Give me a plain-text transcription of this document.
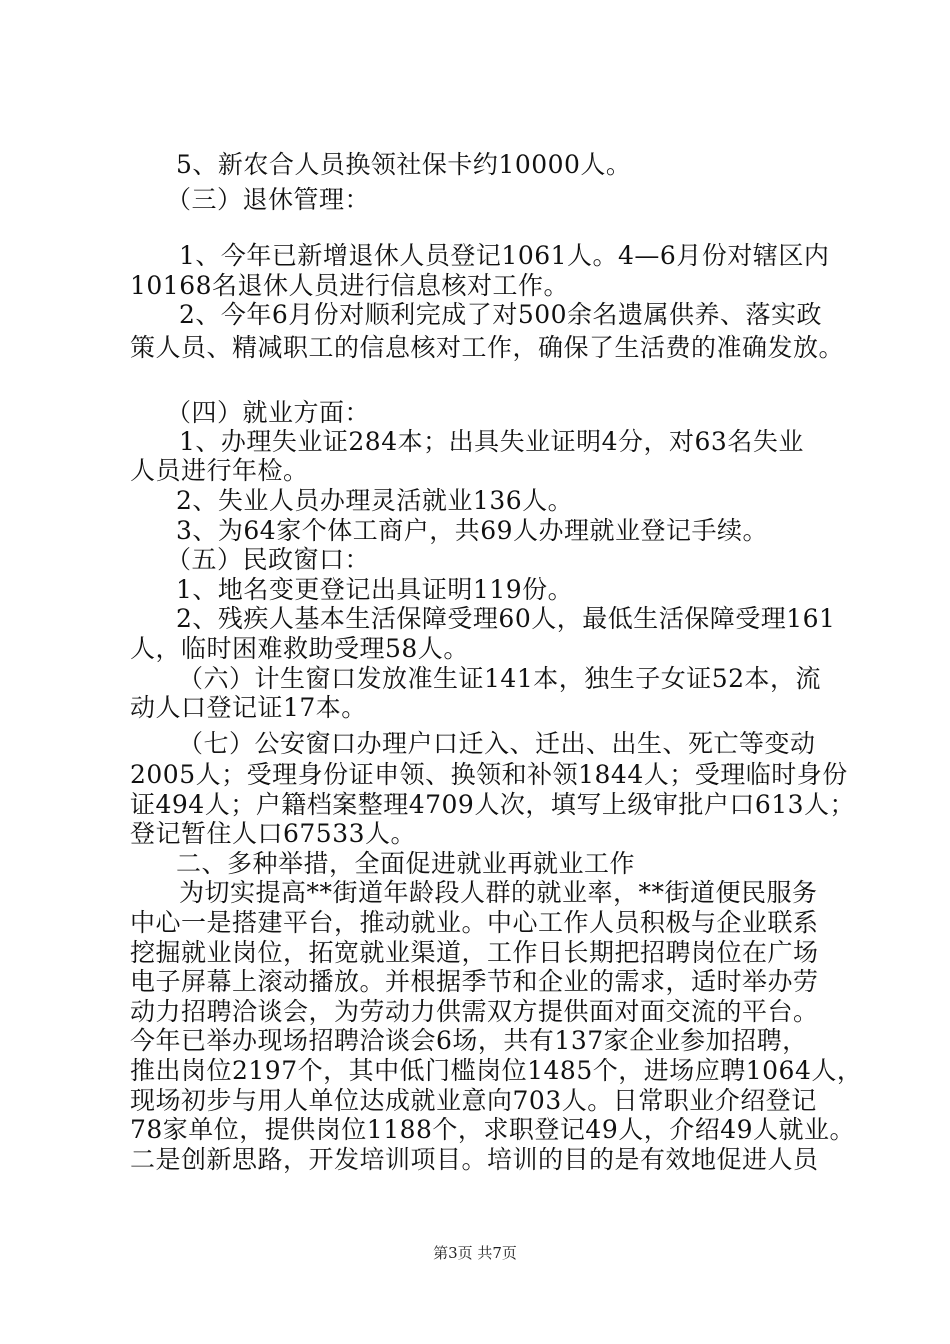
5、新农合人员换领社保卡约10000人。
（三）退休管理：
1、今年已新增退休人员登记1061人。4—6月份对辖区内
10168名退休人员进行信息核对工作。
2、今年6月份对顺利完成了对500余名遗属供养、落实政
策人员、精减职工的信息核对工作，确保了生活费的准确发放。
（四）就业方面：
1、办理失业证284本；出具失业证明4分，对63名失业
人员进行年检。
2、失业人员办理灵活就业136人。
3、为64家个体工商户，共69人办理就业登记手续。
（五）民政窗口：
1、地名变更登记出具证明119份。
2、残疾人基本生活保障受理60人，最低生活保障受理161
人，临时困难救助受理58人。
（六）计生窗口发放准生证141本，独生子女证52本，流
动人口登记证17本。
（七）公安窗口办理户口迁入、迁出、出生、死亡等变动
2005人；受理身份证申领、换领和补领1844人；受理临时身份
证494人；户籍档案整理4709人次，填写上级审批户口613人；
登记暂住人口67533人。
二、多种举措，全面促进就业再就业工作
为切实提高**街道年龄段人群的就业率，**街道便民服务
中心一是搭建平台，推动就业。中心工作人员积极与企业联系
挖掘就业岗位，拓宽就业渠道，工作日长期把招聘岗位在广场
电子屏幕上滚动播放。并根据季节和企业的需求，适时举办劳
动力招聘洽谈会，为劳动力供需双方提供面对面交流的平台。
今年已举办现场招聘洽谈会6场，共有137家企业参加招聘，
推出岗位2197个，其中低门槛岗位1485个，进场应聘1064人，
现场初步与用人单位达成就业意向703人。日常职业介绍登记
78家单位，提供岗位1188个，求职登记49人，介绍49人就业。
二是创新思路，开发培训项目。培训的目的是有效地促进人员
第3页 共7页
